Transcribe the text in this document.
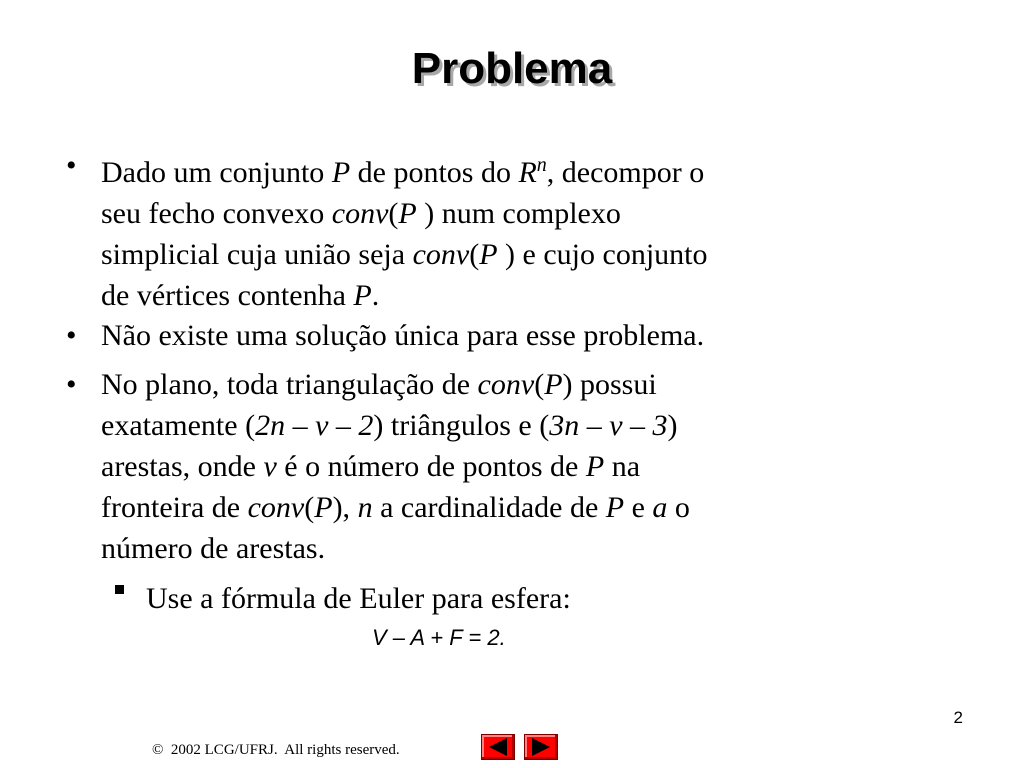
Problema
• Dado um conjunto P de pontos do $R^n$, decompor o

seu fecho convexo conv(P ) num complexo

simplicial cuja união seja conv(P ) e cujo conjunto

de vértices contenha P.

• Não existe uma solução única para esse problema.

• No plano, toda triangulação de conv(P) possui

exatamente (2n – v – 2) triângulos e (3n – v – 3)

arestas, onde v é o número de pontos de P na

fronteira de conv(P), n a cardinalidade de P e a o

número de arestas.

Use a fórmula de Euler para esfera:
V – A + F = 2.
2
©  2002 LCG/UFRJ.  All rights reserved.
